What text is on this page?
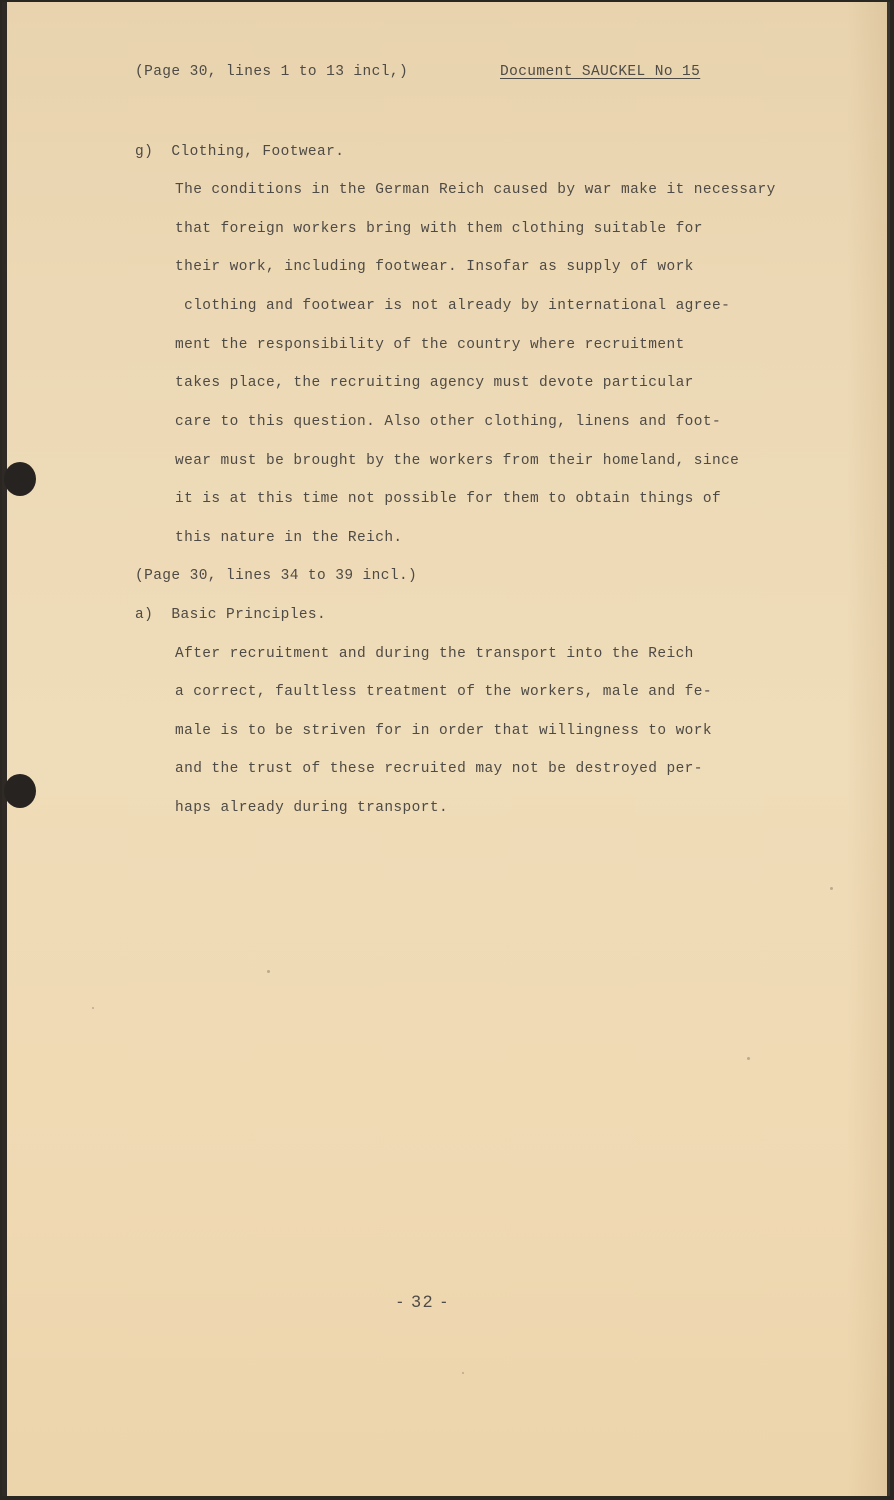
(Page 30, lines 1 to 13 incl,)	Document SAUCKEL No 15
g)  Clothing, Footwear.
The conditions in the German Reich caused by war make it necessary
that foreign workers bring with them clothing suitable for
their work, including footwear. Insofar as supply of work
clothing and footwear is not already by international agree-
ment the responsibility of the country where recruitment
takes place, the recruiting agency must devote particular
care to this question. Also other clothing, linens and foot-
wear must be brought by the workers from their homeland, since
it is at this time not possible for them to obtain things of
this nature in the Reich.
(Page 30, lines 34 to 39 incl.)
a)  Basic Principles.
After recruitment and during the transport into the Reich
a correct, faultless treatment of the workers, male and fe-
male is to be striven for in order that willingness to work
and the trust of these recruited may not be destroyed per-
haps already during transport.
- 32 -
